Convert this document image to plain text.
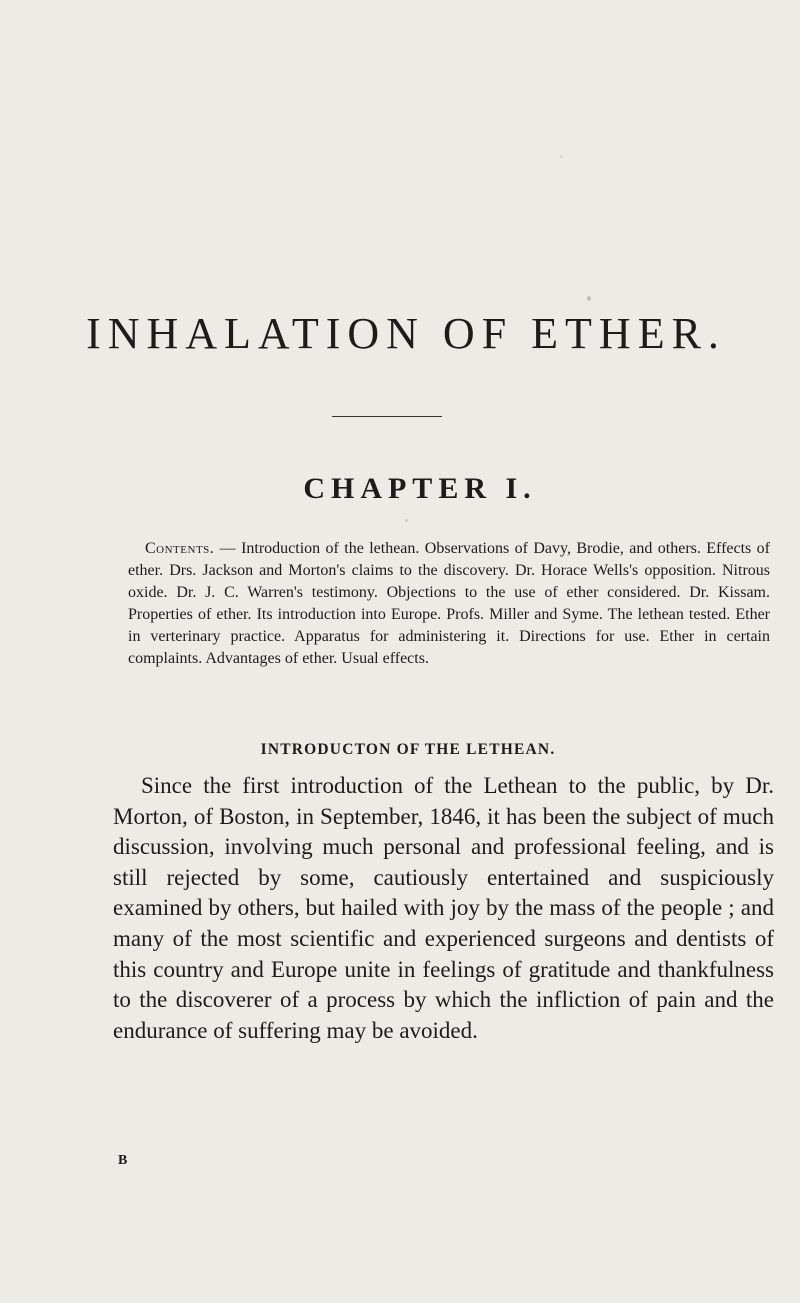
INHALATION OF ETHER.
CHAPTER I.

Contents. — Introduction of the lethean. Observations of Davy, Brodie, and others. Effects of ether. Drs. Jackson and Morton's claims to the discovery. Dr. Horace Wells's opposition. Nitrous oxide. Dr. J. C. Warren's testimony. Objections to the use of ether considered. Dr. Kissam. Properties of ether. Its introduction into Europe. Profs. Miller and Syme. The lethean tested. Ether in verterinary practice. Apparatus for administering it. Directions for use. Ether in certain complaints. Advantages of ether. Usual effects.

INTRODUCTON OF THE LETHEAN.

Since the first introduction of the Lethean to the public, by Dr. Morton, of Boston, in September, 1846, it has been the subject of much discussion, involving much personal and professional feeling, and is still rejected by some, cautiously entertained and suspiciously examined by others, but hailed with joy by the mass of the people ; and many of the most scientific and experienced surgeons and dentists of this country and Europe unite in feelings of gratitude and thankfulness to the discoverer of a process by which the infliction of pain and the endurance of suffering may be avoided.

B
